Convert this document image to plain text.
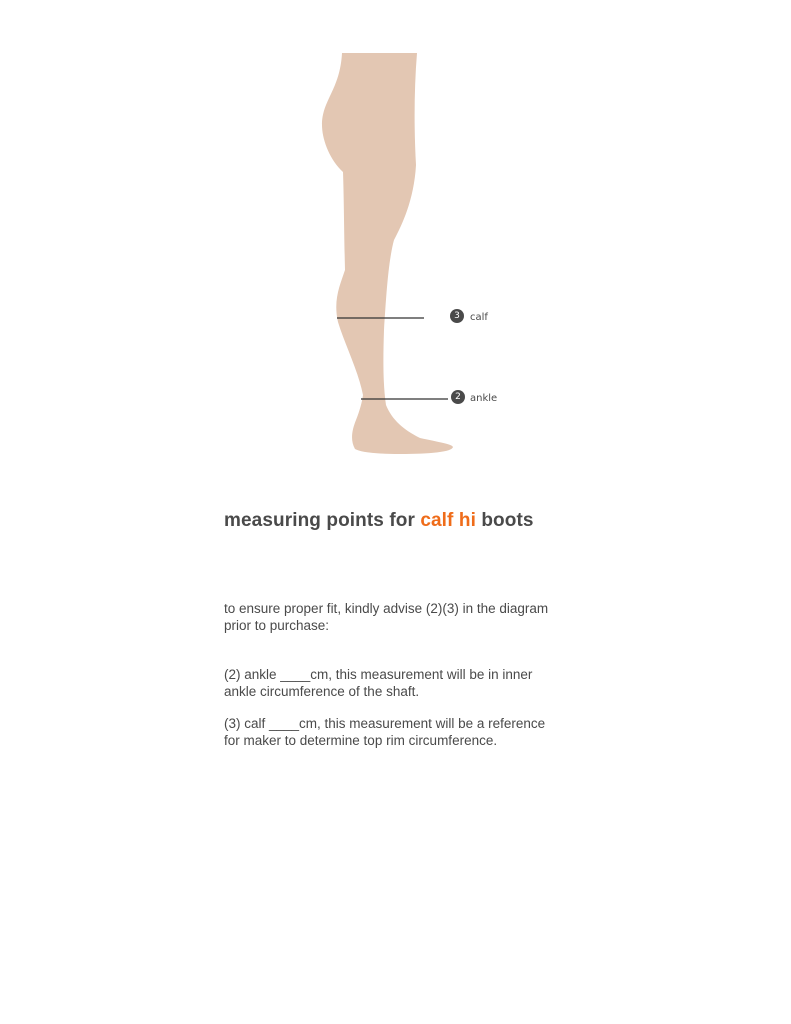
3 calf
2 ankle
measuring points for calf hi boots

to ensure proper fit, kindly advise (2)(3) in the diagram prior to purchase:

(2) ankle ____cm, this measurement will be in inner ankle circumference of the shaft.

(3) calf ____cm, this measurement will be a reference for maker to determine top rim circumference.
